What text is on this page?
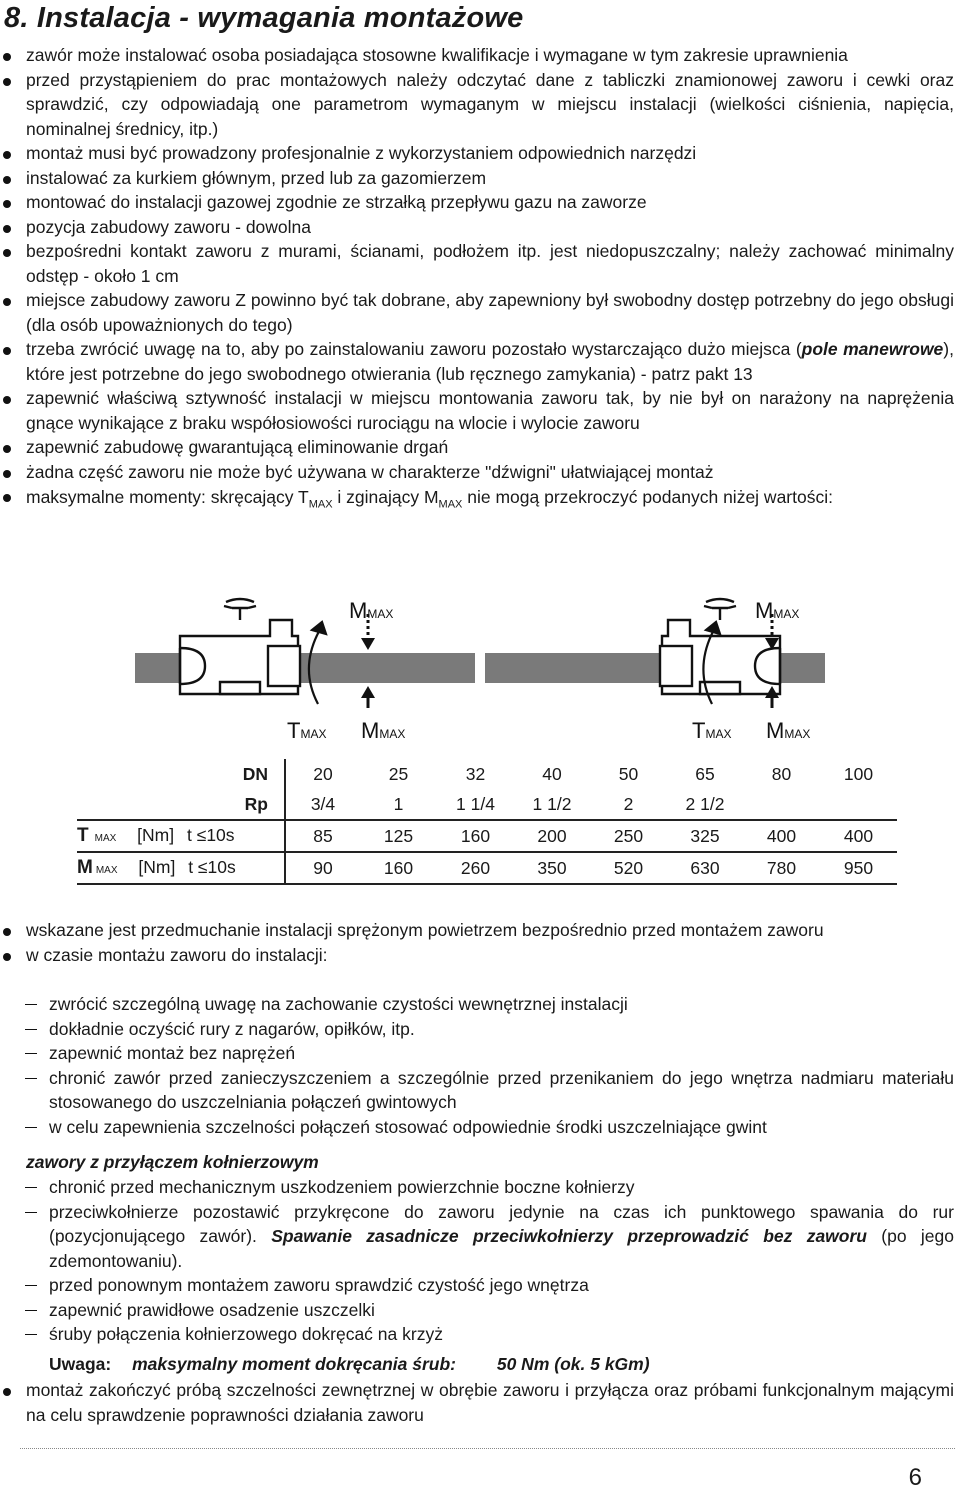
8. Instalacja - wymagania montażowe
zawór może instalować osoba posiadająca stosowne kwalifikacje i wymagane w tym zakresie uprawnienia
przed przystąpieniem do prac montażowych należy odczytać dane z tabliczki znamionowej zaworu i cewki oraz sprawdzić, czy odpowiadają one parametrom wymaganym w miejscu instalacji (wielkości ciśnienia, napięcia, nominalnej średnicy, itp.)
montaż musi być prowadzony profesjonalnie z wykorzystaniem odpowiednich narzędzi
instalować za kurkiem głównym, przed lub za gazomierzem
montować do instalacji gazowej zgodnie ze strzałką przepływu gazu na zaworze
pozycja zabudowy zaworu - dowolna
bezpośredni kontakt zaworu z murami, ścianami, podłożem itp. jest niedopuszczalny; należy zachować minimalny odstęp - około 1 cm
miejsce zabudowy zaworu Z powinno być tak dobrane, aby zapewniony był swobodny dostęp potrzebny do jego obsługi (dla osób upoważnionych do tego)
trzeba zwrócić uwagę na to, aby po zainstalowaniu zaworu pozostało wystarczająco dużo miejsca (pole manewrowe), które jest potrzebne do jego swobodnego otwierania (lub ręcznego zamykania) - patrz pakt 13
zapewnić właściwą sztywność instalacji w miejscu montowania zaworu tak, by nie był on narażony na naprężenia gnące wynikające z braku współosiowości rurociągu na wlocie i wylocie zaworu
zapewnić zabudowę gwarantującą eliminowanie drgań
żadna część zaworu nie może być używana w charakterze "dźwigni" ułatwiającej montaż
maksymalne momenty: skręcający $T_{MAX}$ i zginający $M_{MAX}$ nie mogą przekroczyć podanych niżej wartości:
MMAX	MMAX
TMAX MMAX	TMAX MMAX
DN	20	25	32	40	50	65	80	100
Rp	3/4	1	1 1/4	1 1/2	2	2 1/2		
T MAX [Nm] t ≤10s	85	125	160	200	250	325	400	400
M MAX [Nm] t ≤10s	90	160	260	350	520	630	780	950
wskazane jest przedmuchanie instalacji sprężonym powietrzem bezpośrednio przed montażem zaworu
w czasie montażu zaworu do instalacji:
zwrócić szczególną uwagę na zachowanie czystości wewnętrznej instalacji
dokładnie oczyścić rury z nagarów, opiłków, itp.
zapewnić montaż bez naprężeń
chronić zawór przed zanieczyszczeniem a szczególnie przed przenikaniem do jego wnętrza nadmiaru materiału stosowanego do uszczelniania połączeń gwintowych
w celu zapewnienia szczelności połączeń stosować odpowiednie środki uszczelniające gwint
zawory z przyłączem kołnierzowym
chronić przed mechanicznym uszkodzeniem powierzchnie boczne kołnierzy
przeciwkołnierze pozostawić przykręcone do zaworu jedynie na czas ich punktowego spawania do rur (pozycjonującego zawór). Spawanie zasadnicze przeciwkołnierzy przeprowadzić bez zaworu (po jego zdemontowaniu).
przed ponownym montażem zaworu sprawdzić czystość jego wnętrza
zapewnić prawidłowe osadzenie uszczelki
śruby połączenia kołnierzowego dokręcać na krzyż
Uwaga: maksymalny moment dokręcania śrub: 50 Nm (ok. 5 kGm)
montaż zakończyć próbą szczelności zewnętrznej w obrębie zaworu i przyłącza oraz próbami funkcjonalnym mającymi na celu sprawdzenie poprawności działania zaworu
6
